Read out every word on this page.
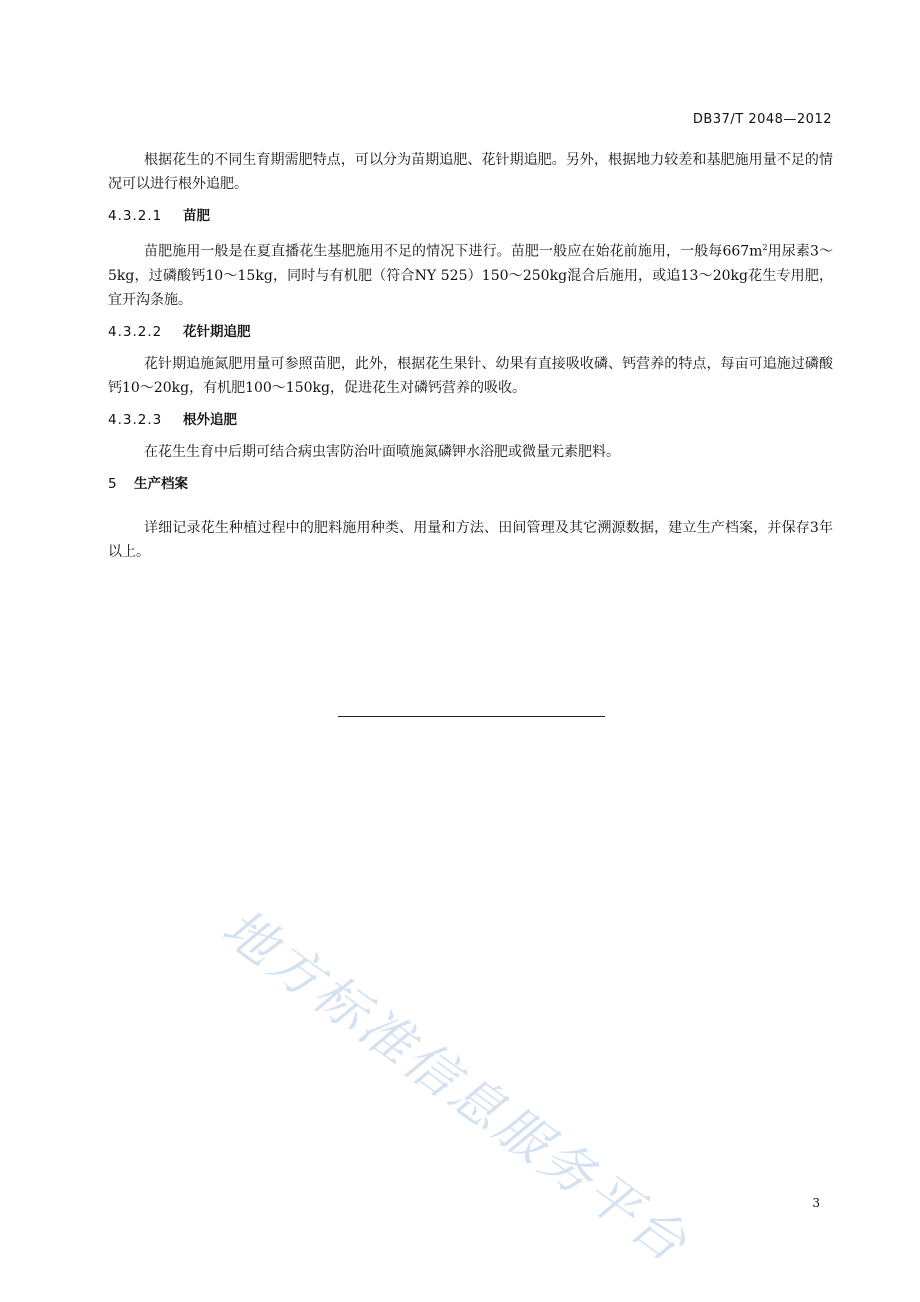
DB37/T 2048—2012

根据花生的不同生育期需肥特点，可以分为苗期追肥、花针期追肥。另外，根据地力较差和基肥施用量不足的情况可以进行根外追肥。

4.3.2.1 苗肥

苗肥施用一般是在夏直播花生基肥施用不足的情况下进行。苗肥一般应在始花前施用，一般每$667m^2$用尿素3～5kg，过磷酸钙10～15kg，同时与有机肥（符合NY 525）150～250kg混合后施用，或追13～20kg花生专用肥，宜开沟条施。

4.3.2.2 花针期追肥

花针期追施氮肥用量可参照苗肥，此外，根据花生果针、幼果有直接吸收磷、钙营养的特点，每亩可追施过磷酸钙10～20kg，有机肥100～150kg，促进花生对磷钙营养的吸收。

4.3.2.3 根外追肥

在花生生育中后期可结合病虫害防治叶面喷施氮磷钾水浴肥或微量元素肥料。

5 生产档案

详细记录花生种植过程中的肥料施用种类、用量和方法、田间管理及其它溯源数据，建立生产档案，并保存3年以上。

地方标准信息服务平台	3
